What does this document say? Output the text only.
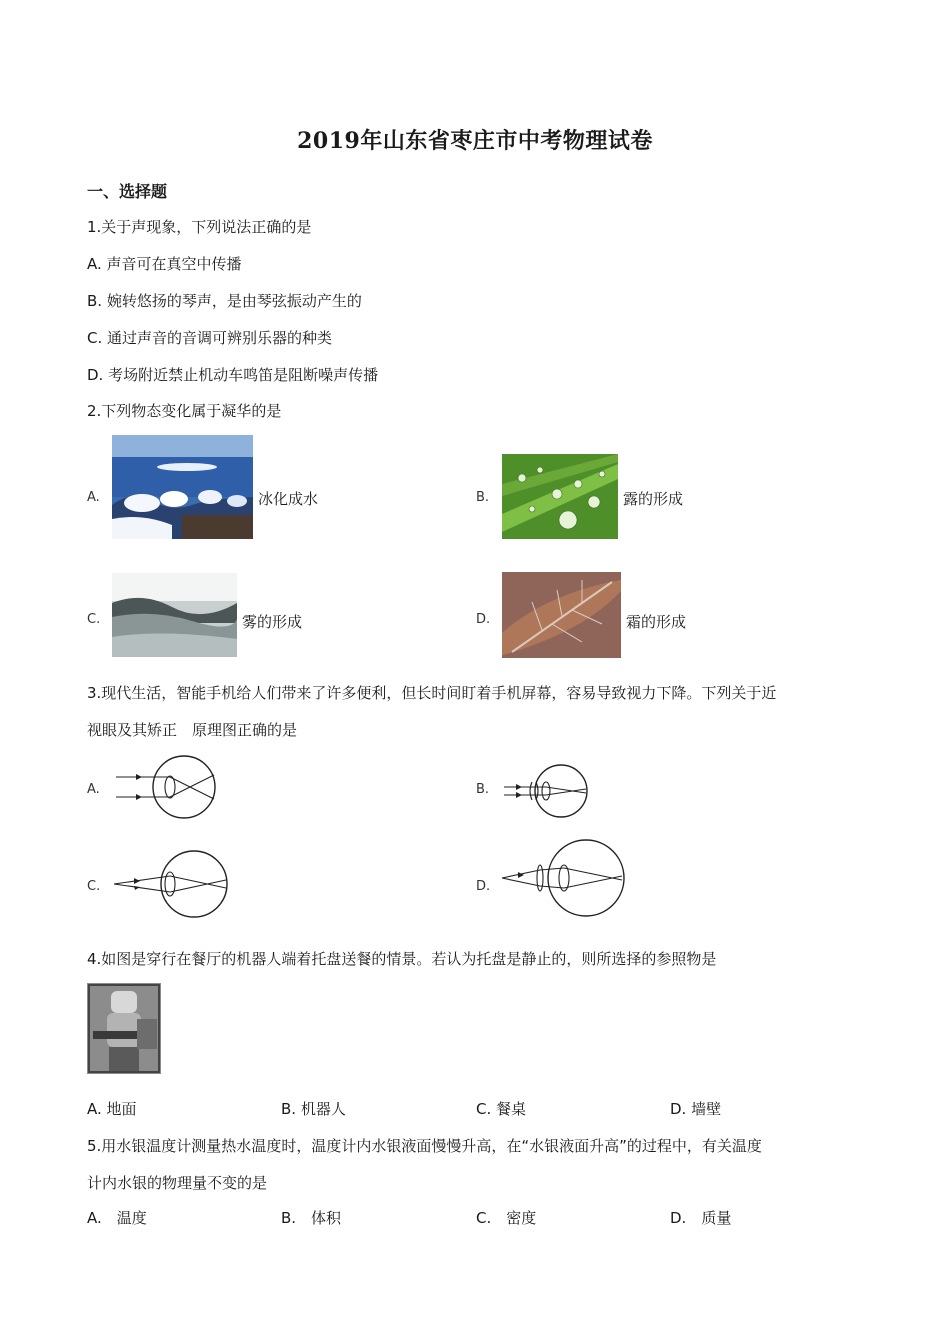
2019年山东省枣庄市中考物理试卷
一、选择题
1.关于声现象，下列说法正确的是
A. 声音可在真空中传播
B. 婉转悠扬的琴声，是由琴弦振动产生的
C. 通过声音的音调可辨别乐器的种类
D. 考场附近禁止机动车鸣笛是阻断噪声传播
2.下列物态变化属于凝华的是
A.	冰化成水	B.	露的形成
C.	雾的形成	D.	霜的形成
3.现代生活，智能手机给人们带来了许多便利，但长时间盯着手机屏幕，容易导致视力下降。下列关于近
视眼及其矫正　原理图正确的是
A.	B.
C.	D.
4.如图是穿行在餐厅的机器人端着托盘送餐的情景。若认为托盘是静止的，则所选择的参照物是
A. 地面	B. 机器人	C. 餐桌	D. 墙壁
5.用水银温度计测量热水温度时，温度计内水银液面慢慢升高，在“水银液面升高”的过程中，有关温度
计内水银的物理量不变的是
A.　温度	B.　体积	C.　密度	D.　质量
